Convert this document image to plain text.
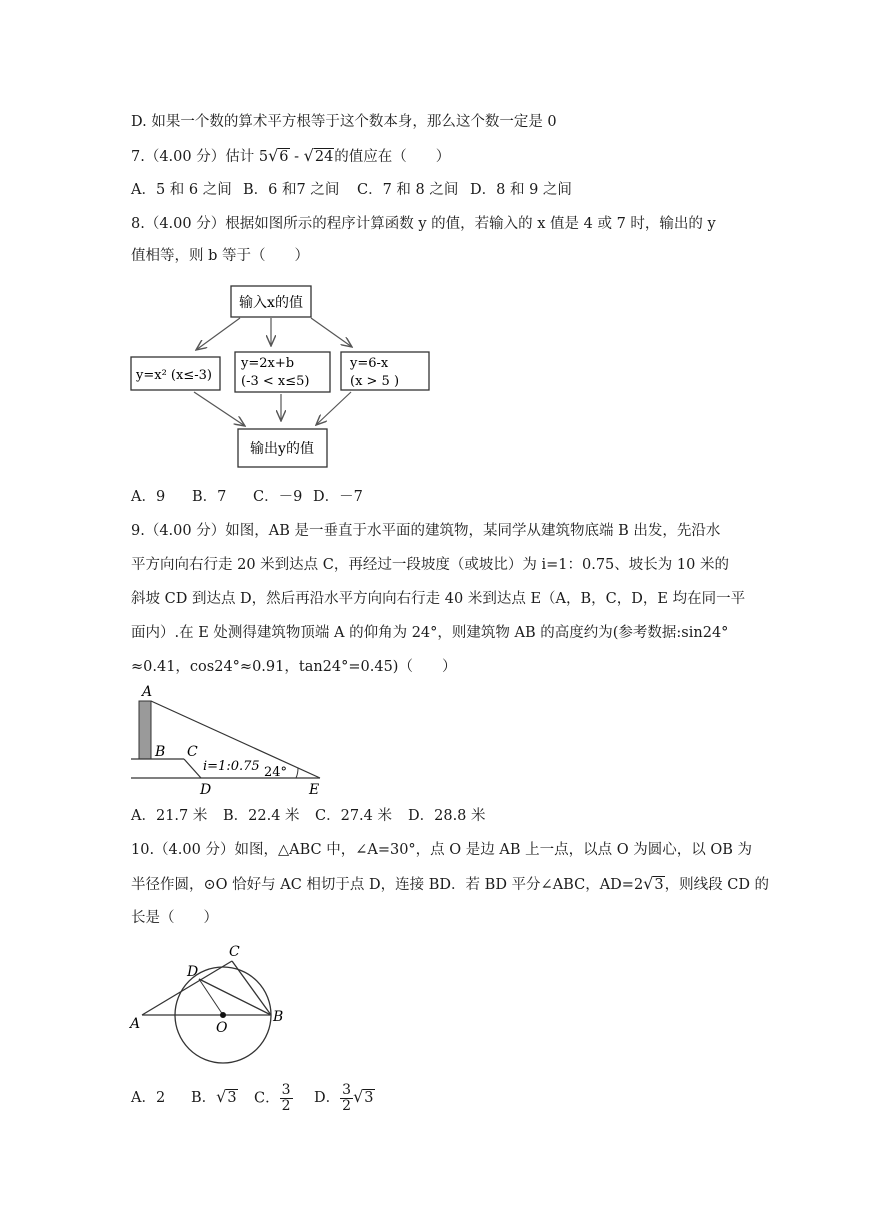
D. 如果一个数的算术平方根等于这个数本身，那么这个数一定是 0
7.（4.00 分）估计 5√6 - √24的值应在（　　）
A．5 和 6 之间 B．6 和7 之间 C．7 和 8 之间 D．8 和 9 之间
8.（4.00 分）根据如图所示的程序计算函数 y 的值，若输入的 x 值是 4 或 7 时，输出的 y
值相等，则 b 等于（　　）
输入x的值
y=x² (x≤-3)
y=2x+b
(-3 < x≤5)
y=6-x
(x > 5 )
输出y的值
A．9 B．7 C．－9 D．－7
9.（4.00 分）如图，AB 是一垂直于水平面的建筑物，某同学从建筑物底端 B 出发，先沿水
平方向向右行走 20 米到达点 C，再经过一段坡度（或坡比）为 i=1：0.75、坡长为 10 米的
斜坡 CD 到达点 D，然后再沿水平方向向右行走 40 米到达点 E（A，B，C，D，E 均在同一平
面内）.在 E 处测得建筑物顶端 A 的仰角为 24°，则建筑物 AB 的高度约为(参考数据:sin24°
≈0.41，cos24°≈0.91，tan24°=0.45)（　　）
A
B C
D	E
i=1:0.75 24°
A．21.7 米 B．22.4 米 C．27.4 米 D．28.8 米
10.（4.00 分）如图，△ABC 中，∠A=30°，点 O 是边 AB 上一点，以点 O 为圆心，以 OB 为
半径作圆，⊙O 恰好与 AC 相切于点 D，连接 BD．若 BD 平分∠ABC，AD=2√3，则线段 CD 的
长是（　　）
A	B
C
D
O
A．2 B．√3 C． $\frac{3}{2}$ D． $\frac{3}{2} √3$
